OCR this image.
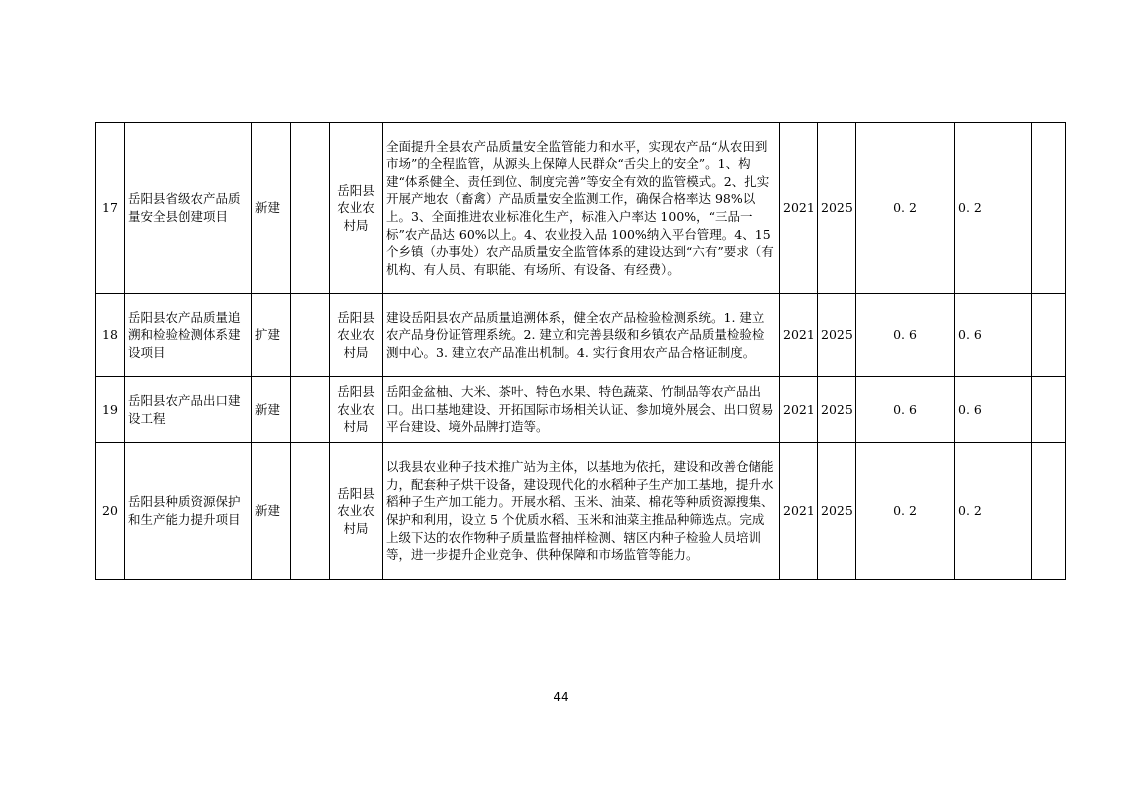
17	岳阳县省级农产品质量安全县创建项目	新建		岳阳县农业农村局	全面提升全县农产品质量安全监管能力和水平，实现农产品“从农田到市场”的全程监管，从源头上保障人民群众“舌尖上的安全”。1、构建“体系健全、责任到位、制度完善”等安全有效的监管模式。2、扎实开展产地农（畜禽）产品质量安全监测工作，确保合格率达 98%以上。3、全面推进农业标准化生产，标准入户率达 100%，“三品一标”农产品达 60%以上。4、农业投入品 100%纳入平台管理。4、15 个乡镇（办事处）农产品质量安全监管体系的建设达到“六有”要求（有机构、有人员、有职能、有场所、有设备、有经费）。	2021	2025	0. 2	0. 2	
18	岳阳县农产品质量追溯和检验检测体系建设项目	扩建		岳阳县农业农村局	建设岳阳县农产品质量追溯体系，健全农产品检验检测系统。1. 建立农产品身份证管理系统。2. 建立和完善县级和乡镇农产品质量检验检测中心。3. 建立农产品准出机制。4. 实行食用农产品合格证制度。	2021	2025	0. 6	0. 6	
19	岳阳县农产品出口建设工程	新建		岳阳县农业农村局	岳阳金盆柚、大米、茶叶、特色水果、特色蔬菜、竹制品等农产品出口。出口基地建设、开拓国际市场相关认证、参加境外展会、出口贸易平台建设、境外品牌打造等。	2021	2025	0. 6	0. 6	
20	岳阳县种质资源保护和生产能力提升项目	新建		岳阳县农业农村局	以我县农业种子技术推广站为主体，以基地为依托，建设和改善仓储能力，配套种子烘干设备，建设现代化的水稻种子生产加工基地，提升水稻种子生产加工能力。开展水稻、玉米、油菜、棉花等种质资源搜集、保护和利用，设立 5 个优质水稻、玉米和油菜主推品种筛选点。完成上级下达的农作物种子质量监督抽样检测、辖区内种子检验人员培训等，进一步提升企业竞争、供种保障和市场监管等能力。	2021	2025	0. 2	0. 2	
44
